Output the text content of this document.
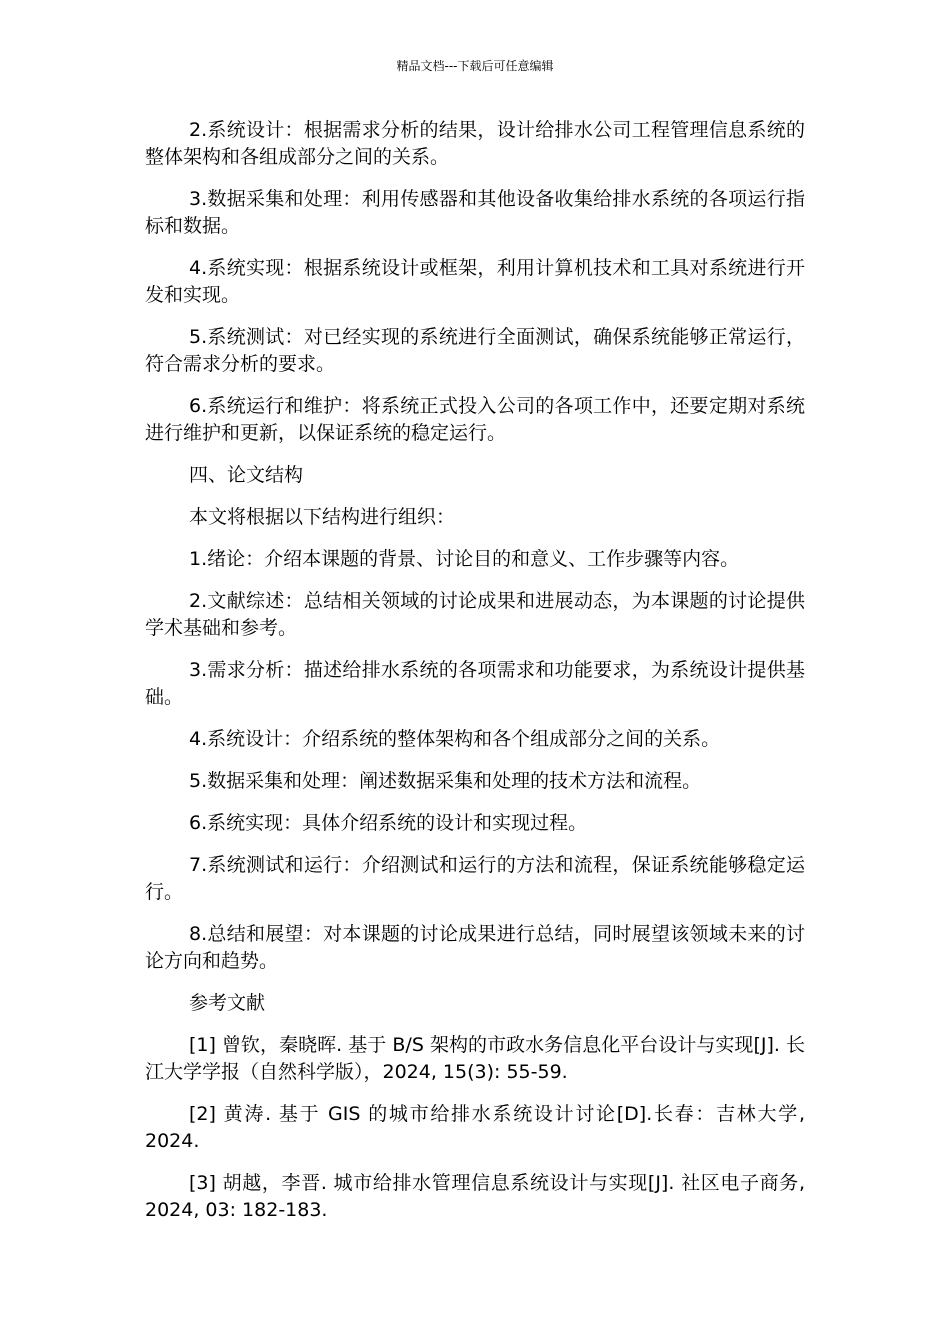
精品文档---下载后可任意编辑

2.系统设计：根据需求分析的结果，设计给排水公司工程管理信息系统的整体架构和各组成部分之间的关系。

3.数据采集和处理：利用传感器和其他设备收集给排水系统的各项运行指标和数据。

4.系统实现：根据系统设计或框架，利用计算机技术和工具对系统进行开发和实现。

5.系统测试：对已经实现的系统进行全面测试，确保系统能够正常运行，符合需求分析的要求。

6.系统运行和维护：将系统正式投入公司的各项工作中，还要定期对系统进行维护和更新，以保证系统的稳定运行。

四、论文结构

本文将根据以下结构进行组织：

1.绪论：介绍本课题的背景、讨论目的和意义、工作步骤等内容。

2.文献综述：总结相关领域的讨论成果和进展动态，为本课题的讨论提供学术基础和参考。

3.需求分析：描述给排水系统的各项需求和功能要求，为系统设计提供基础。

4.系统设计：介绍系统的整体架构和各个组成部分之间的关系。

5.数据采集和处理：阐述数据采集和处理的技术方法和流程。

6.系统实现：具体介绍系统的设计和实现过程。

7.系统测试和运行：介绍测试和运行的方法和流程，保证系统能够稳定运行。

8.总结和展望：对本课题的讨论成果进行总结，同时展望该领域未来的讨论方向和趋势。

参考文献

[1] 曾钦，秦晓晖. 基于 B/S 架构的市政水务信息化平台设计与实现[J]. 长江大学学报（自然科学版），2024, 15(3): 55-59.

[2] 黄涛. 基于 GIS 的城市给排水系统设计讨论[D].长春：吉林大学, 2024.

[3] 胡越，李晋. 城市给排水管理信息系统设计与实现[J]. 社区电子商务, 2024, 03: 182-183.
